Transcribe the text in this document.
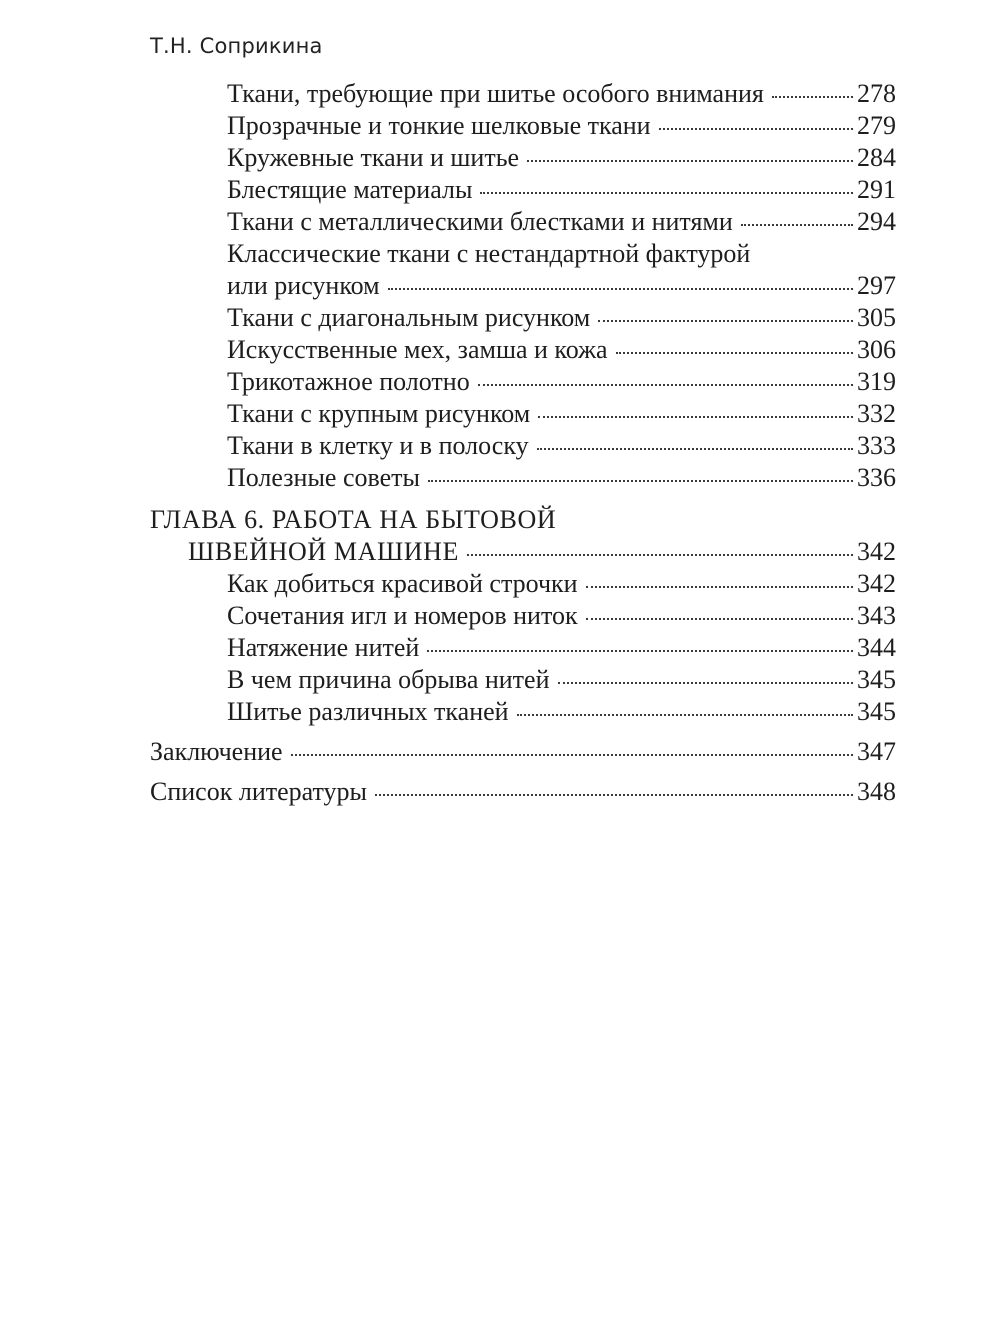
Т.Н. Соприкина
Ткани, требующие при шитье особого внимания	278
Прозрачные и тонкие шелковые ткани	279
Кружевные ткани и шитье	284
Блестящие материалы	291
Ткани с металлическими блестками и нитями	294
Классические ткани с нестандартной фактурой
или рисунком	297
Ткани с диагональным рисунком	305
Искусственные мех, замша и кожа	306
Трикотажное полотно	319
Ткани с крупным рисунком	332
Ткани в клетку и в полоску	333
Полезные советы	336
ГЛАВА 6. РАБОТА НА БЫТОВОЙ
ШВЕЙНОЙ МАШИНЕ	342
Как добиться красивой строчки	342
Сочетания игл и номеров ниток	343
Натяжение нитей	344
В чем причина обрыва нитей	345
Шитье различных тканей	345
Заключение	347
Список литературы	348
